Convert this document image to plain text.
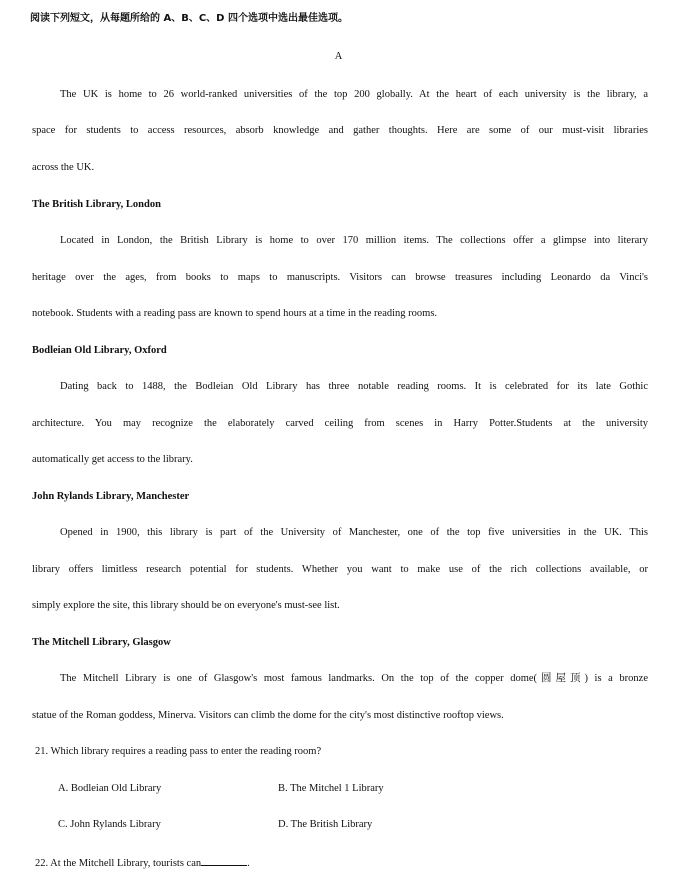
阅读下列短文，从每题所给的 A、B、C、D 四个选项中选出最佳选项。
A
The UK is home to 26 world-ranked universities of the top 200 globally. At the heart of each university is the library, a
space for students to access resources, absorb knowledge and gather thoughts. Here are some of our must-visit libraries
across the UK.
The British Library, London
Located in London, the British Library is home to over 170 million items. The collections offer a glimpse into literary
heritage over the ages, from books to maps to manuscripts. Visitors can browse treasures including Leonardo da Vinci's
notebook. Students with a reading pass are known to spend hours at a time in the reading rooms.
Bodleian Old Library, Oxford
Dating back to 1488, the Bodleian Old Library has three notable reading rooms. It is celebrated for its late Gothic
architecture. You may recognize the elaborately carved ceiling from scenes in Harry Potter.Students at the university
automatically get access to the library.
John Rylands Library, Manchester
Opened in 1900, this library is part of the University of Manchester, one of the top five universities in the UK. This
library offers limitless research potential for students. Whether you want to make use of the rich collections available, or
simply explore the site, this library should be on everyone's must-see list.
The Mitchell Library, Glasgow
The Mitchell Library is one of Glasgow's most famous landmarks. On the top of the copper dome(圆屋顶) is a bronze
statue of the Roman goddess, Minerva. Visitors can climb the dome for the city's most distinctive rooftop views.
21. Which library requires a reading pass to enter the reading room?
A. Bodleian Old Library	B. The Mitchel 1 Library
C. John Rylands Library	D. The British Library
22. At the Mitchell Library, tourists can	.
